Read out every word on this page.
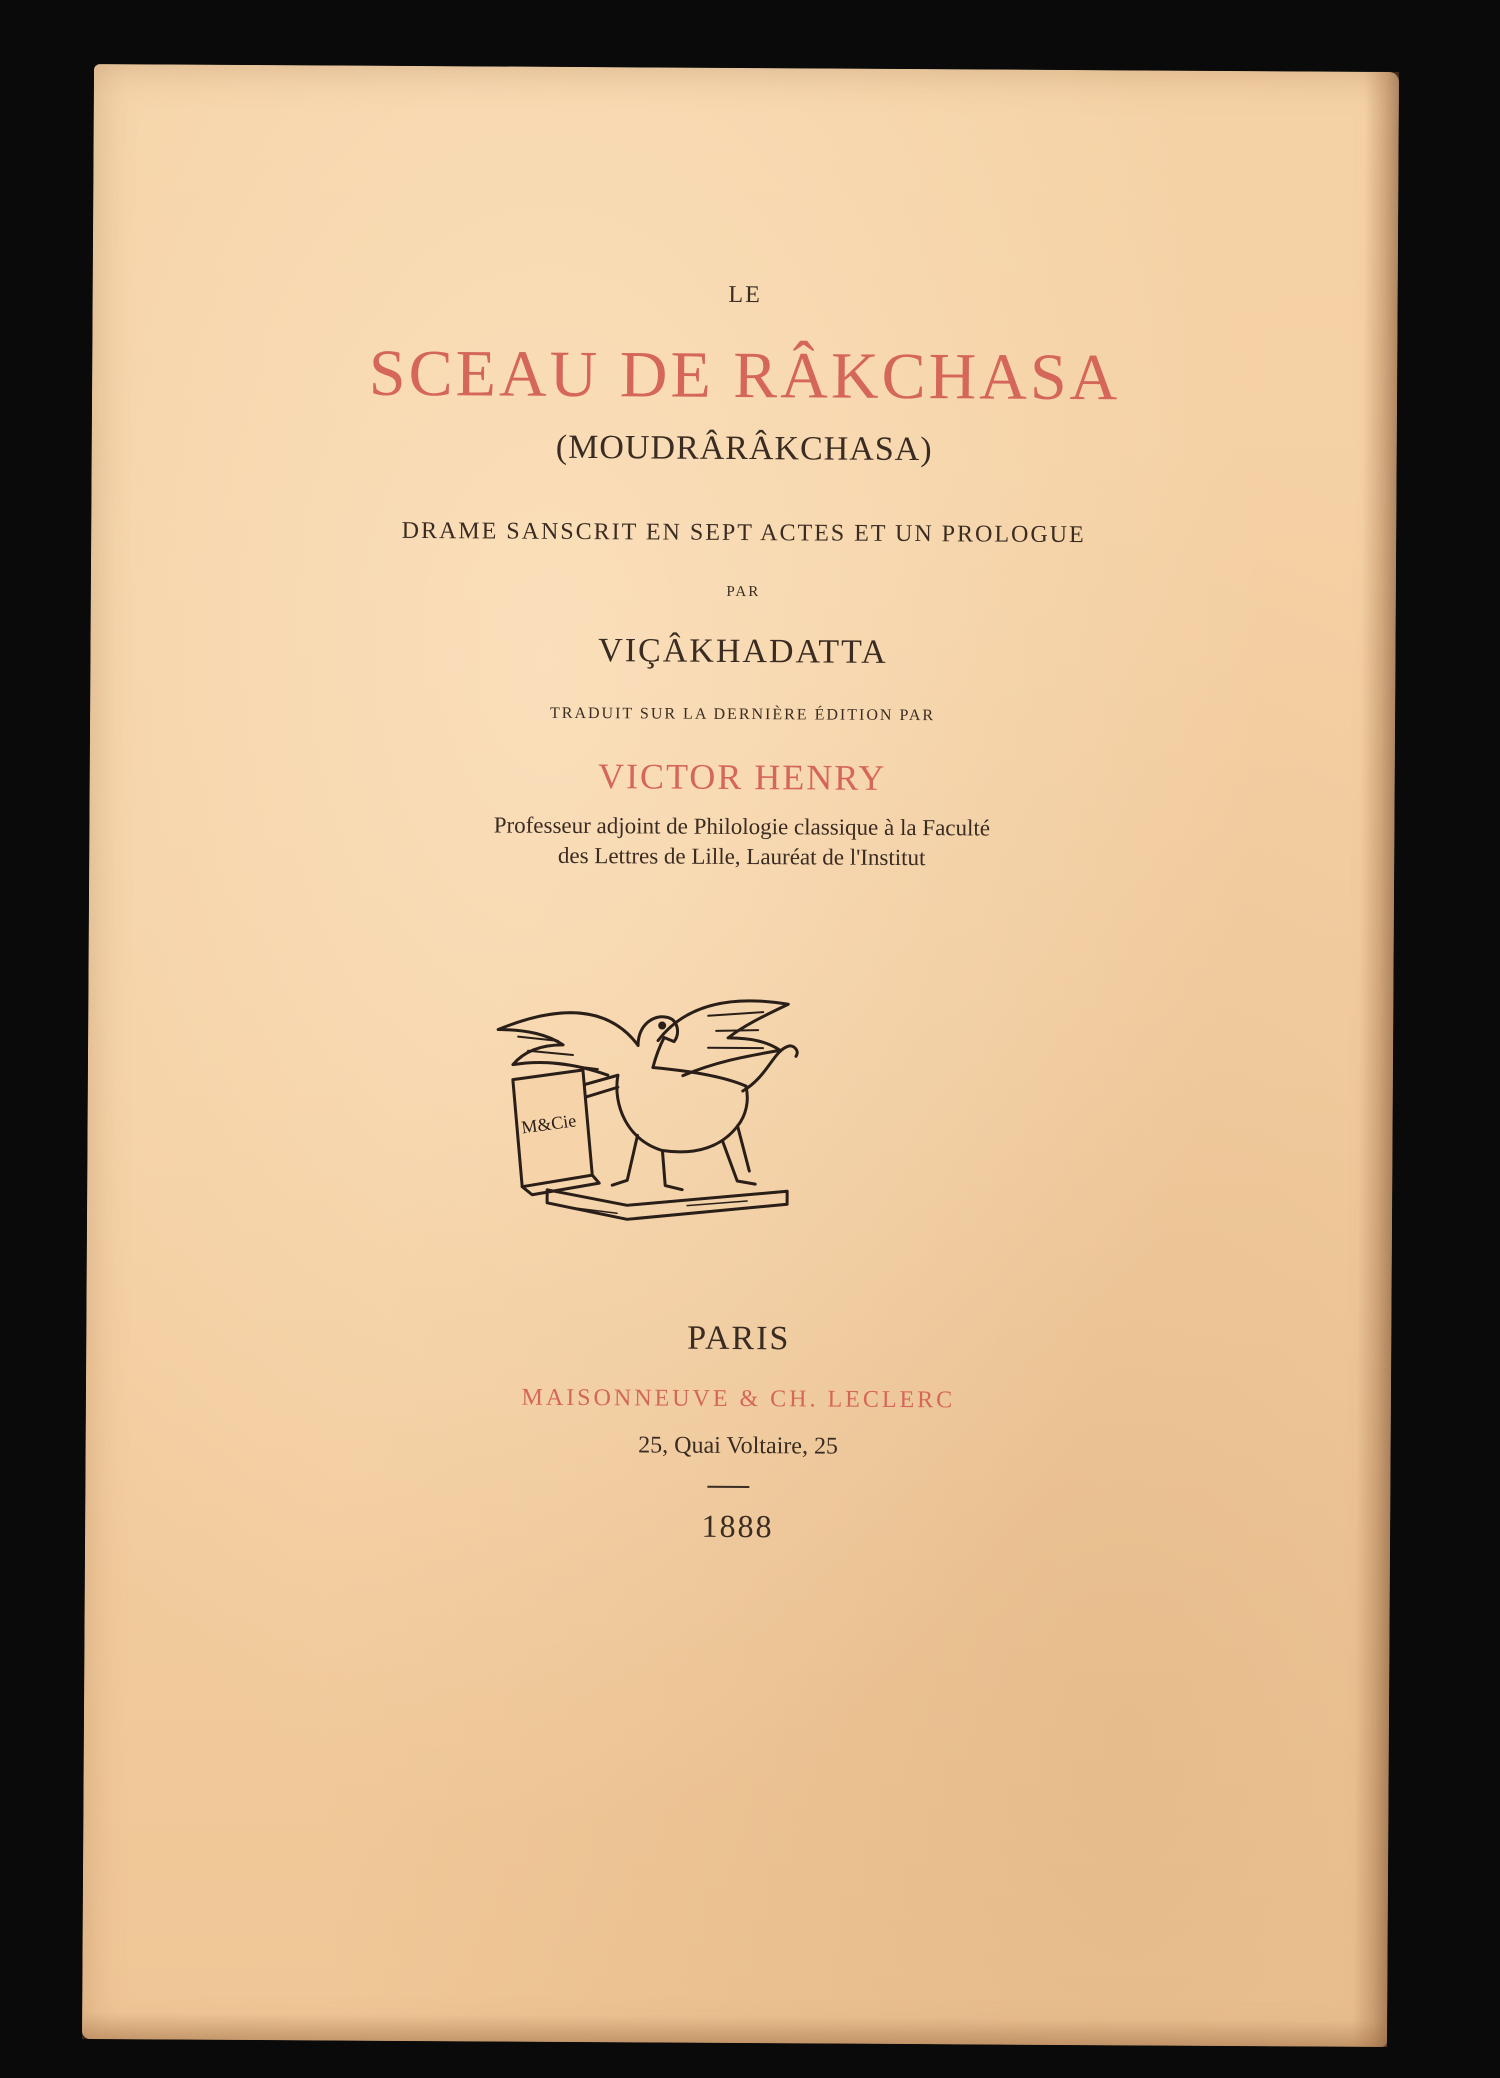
LE
SCEAU DE RÂKCHASA
(MOUDRÂRÂKCHASA)
DRAME SANSCRIT EN SEPT ACTES ET UN PROLOGUE
PAR
VIÇÂKHADATTA
TRADUIT SUR LA DERNIÈRE ÉDITION PAR
VICTOR HENRY
Professeur adjoint de Philologie classique à la Faculté
des Lettres de Lille, Lauréat de l'Institut
M&Cie
PARIS
MAISONNEUVE & CH. LECLERC
25, Quai Voltaire, 25
1888
